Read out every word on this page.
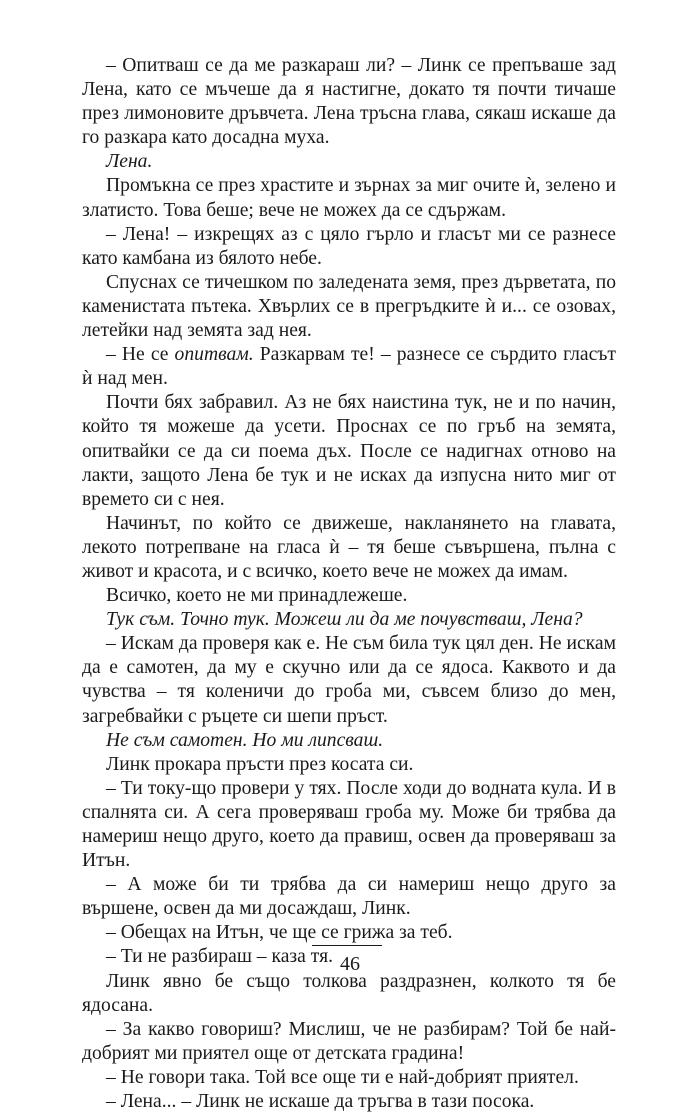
– Опитваш се да ме разкараш ли? – Линк се препъваше зад Лена, като се мъчеше да я настигне, докато тя почти тичаше през лимоновите дръвчета. Лена тръсна глава, сякаш искаше да го разкара като досадна муха.

Лена.

Промъкна се през храстите и зърнах за миг очите ѝ, зелено и златисто. Това беше; вече не можех да се сдържам.

– Лена! – изкрещях аз с цяло гърло и гласът ми се разнесе като камбана из бялото небе.

Спуснах се тичешком по заледената земя, през дърветата, по каменистата пътека. Хвърлих се в прегръдките ѝ и... се озовах, летейки над земята зад нея.

– Не се опитвам. Разкарвам те! – разнесе се сърдито гласът ѝ над мен.

Почти бях забравил. Аз не бях наистина тук, не и по начин, който тя можеше да усети. Проснах се по гръб на земята, опитвайки се да си поема дъх. После се надигнах отново на лакти, защото Лена бе тук и не исках да изпусна нито миг от времето си с нея.

Начинът, по който се движеше, накланянето на главата, лекото потрепване на гласа ѝ – тя беше съвършена, пълна с живот и красота, и с всичко, което вече не можех да имам.

Всичко, което не ми принадлежеше.

Тук съм. Точно тук. Можеш ли да ме почувстваш, Лена?

– Искам да проверя как е. Не съм била тук цял ден. Не искам да е самотен, да му е скучно или да се ядоса. Каквото и да чувства – тя коленичи до гроба ми, съвсем близо до мен, загребвайки с ръцете си шепи пръст.

Не съм самотен. Но ми липсваш.

Линк прокара пръсти през косата си.

– Ти току-що провери у тях. После ходи до водната кула. И в спалнята си. А сега проверяваш гроба му. Може би трябва да намериш нещо друго, което да правиш, освен да проверяваш за Итън.

– А може би ти трябва да си намериш нещо друго за вършене, освен да ми досаждаш, Линк.

– Обещах на Итън, че ще се грижа за теб.

– Ти не разбираш – каза тя.

Линк явно бе също толкова раздразнен, колкото тя бе ядосана.

– За какво говориш? Мислиш, че не разбирам? Той бе най-добрият ми приятел още от детската градина!

– Не говори така. Той все още ти е най-добрият приятел.

– Лена... – Линк не искаше да тръгва в тази посока.

46
